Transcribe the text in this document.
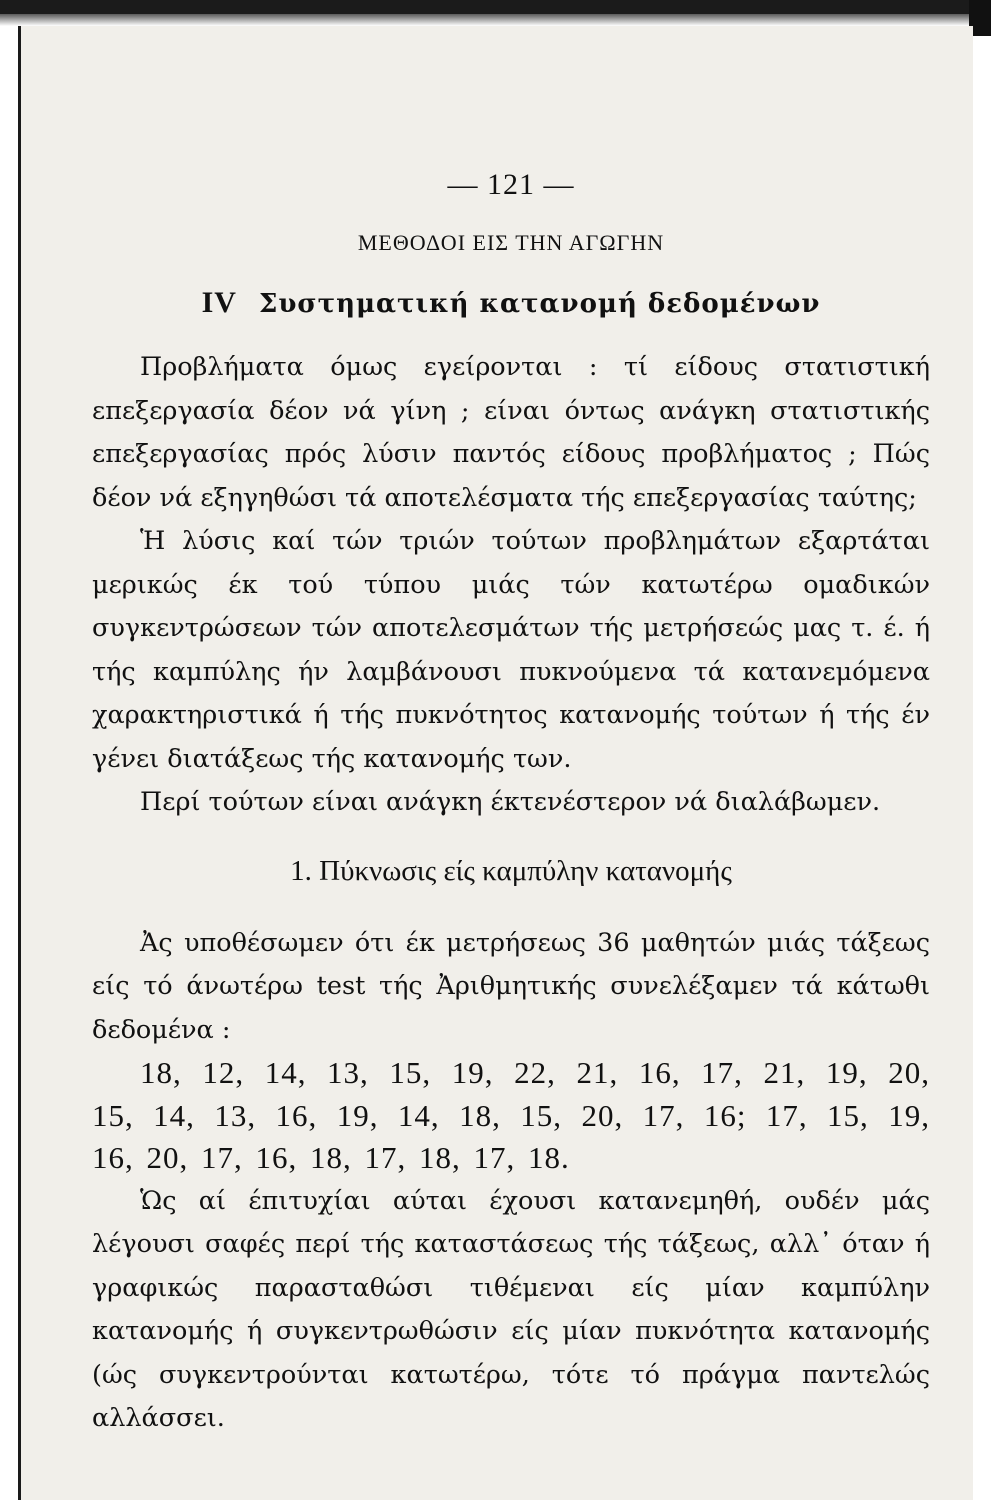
— 121 —
ΜΕΘΟΔΟΙ ΕΙΣ ΤΗΝ ΑΓΩΓΗΝ
IV Συστηματική κατανομή δεδομένων

Προβλήματα όμως εγείρονται : τί είδους στατιστική επεξεργασία δέον νά γίνη ; είναι όντως ανάγκη στατιστικής επεξεργασίας πρός λύσιν παντός είδους προβλήματος ; Πώς δέον νά εξηγηθώσι τά αποτελέσματα τής επεξεργασίας ταύτης;

Ἡ λύσις καί τών τριών τούτων προβλημάτων εξαρτάται μερικώς έκ τού τύπου μιάς τών κατωτέρω ομαδικών συγκεντρώσεων τών αποτελεσμάτων τής μετρήσεώς μας τ. έ. ή τής καμπύλης ήν λαμβάνουσι πυκνούμενα τά κατανεμόμενα χαρακτηριστικά ή τής πυκνότητος κατανομής τούτων ή τής έν γένει διατάξεως τής κατανομής των.

Περί τούτων είναι ανάγκη έκτενέστερον νά διαλάβωμεν.

1. Πύκνωσις είς καμπύλην κατανομής

Ἀς υποθέσωμεν ότι έκ μετρήσεως 36 μαθητών μιάς τάξεως είς τό άνωτέρω test τής Ἀριθμητικής συνελέξαμεν τά κάτωθι δεδομένα :

18, 12, 14, 13, 15, 19, 22, 21, 16, 17, 21, 19, 20,
15, 14, 13, 16, 19, 14, 18, 15, 20, 17, 16; 17, 15, 19,
16, 20, 17, 16, 18, 17, 18, 17, 18.

Ὡς αί έπιτυχίαι αύται έχουσι κατανεμηθή, ουδέν μάς λέγουσι σαφές περί τής καταστάσεως τής τάξεως, αλλ᾽ όταν ή γραφικώς παρασταθώσι τιθέμεναι είς μίαν καμπύλην κατανομής ή συγκεντρωθώσιν είς μίαν πυκνότητα κατανομής (ώς συγκεντρούνται κατωτέρω, τότε τό πράγμα παντελώς αλλάσσει.
